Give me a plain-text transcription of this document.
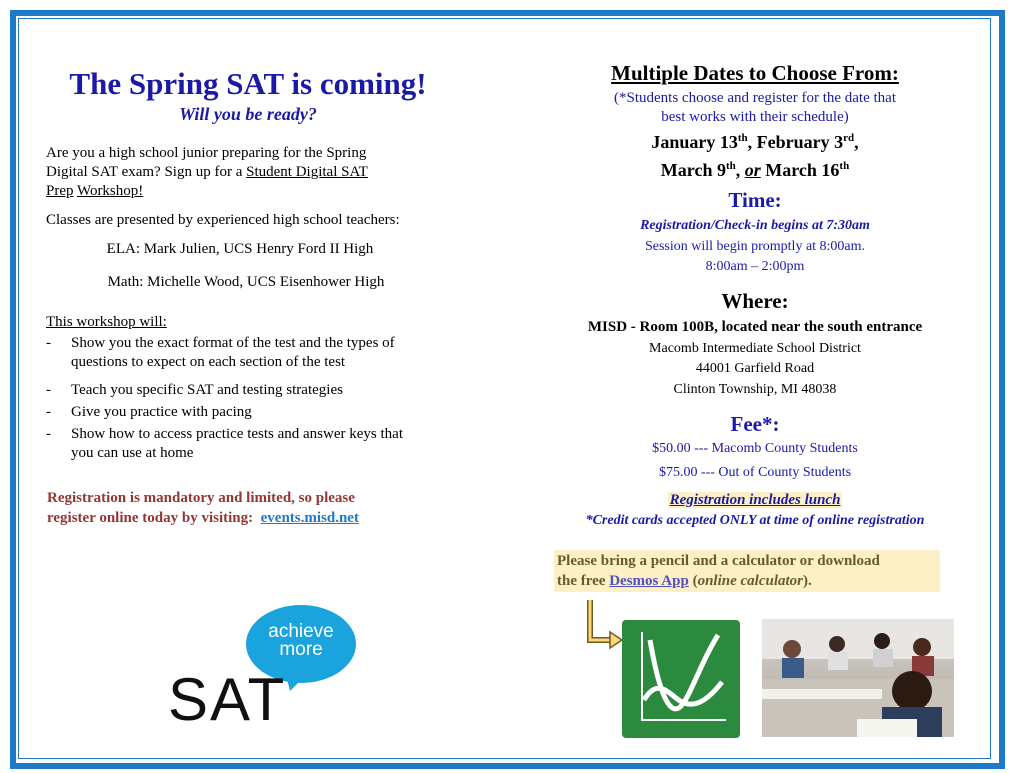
The Spring SAT is coming!
Will you be ready?
Are you a high school junior preparing for the Spring
Digital SAT exam? Sign up for a Student Digital SAT
Prep Workshop!
Classes are presented by experienced high school teachers:
ELA: Mark Julien, UCS Henry Ford II High
Math: Michelle Wood, UCS Eisenhower High
This workshop will:
- Show you the exact format of the test and the types of
questions to expect on each section of the test
- Teach you specific SAT and testing strategies
- Give you practice with pacing
- Show how to access practice tests and answer keys that
you can use at home
Registration is mandatory and limited, so please
register online today by visiting: events.misd.net
achieve
more
SAT
Multiple Dates to Choose From:
(*Students choose and register for the date that
best works with their schedule)
January 13th, February 3rd,
March 9th, or March 16th
Time:
Registration/Check-in begins at 7:30am
Session will begin promptly at 8:00am.
8:00am – 2:00pm
Where:
MISD - Room 100B, located near the south entrance
Macomb Intermediate School District
44001 Garfield Road
Clinton Township, MI 48038
Fee*:
$50.00 --- Macomb County Students
$75.00 --- Out of County Students
Registration includes lunch
*Credit cards accepted ONLY at time of online registration
Please bring a pencil and a calculator or download
the free Desmos App (online calculator).
